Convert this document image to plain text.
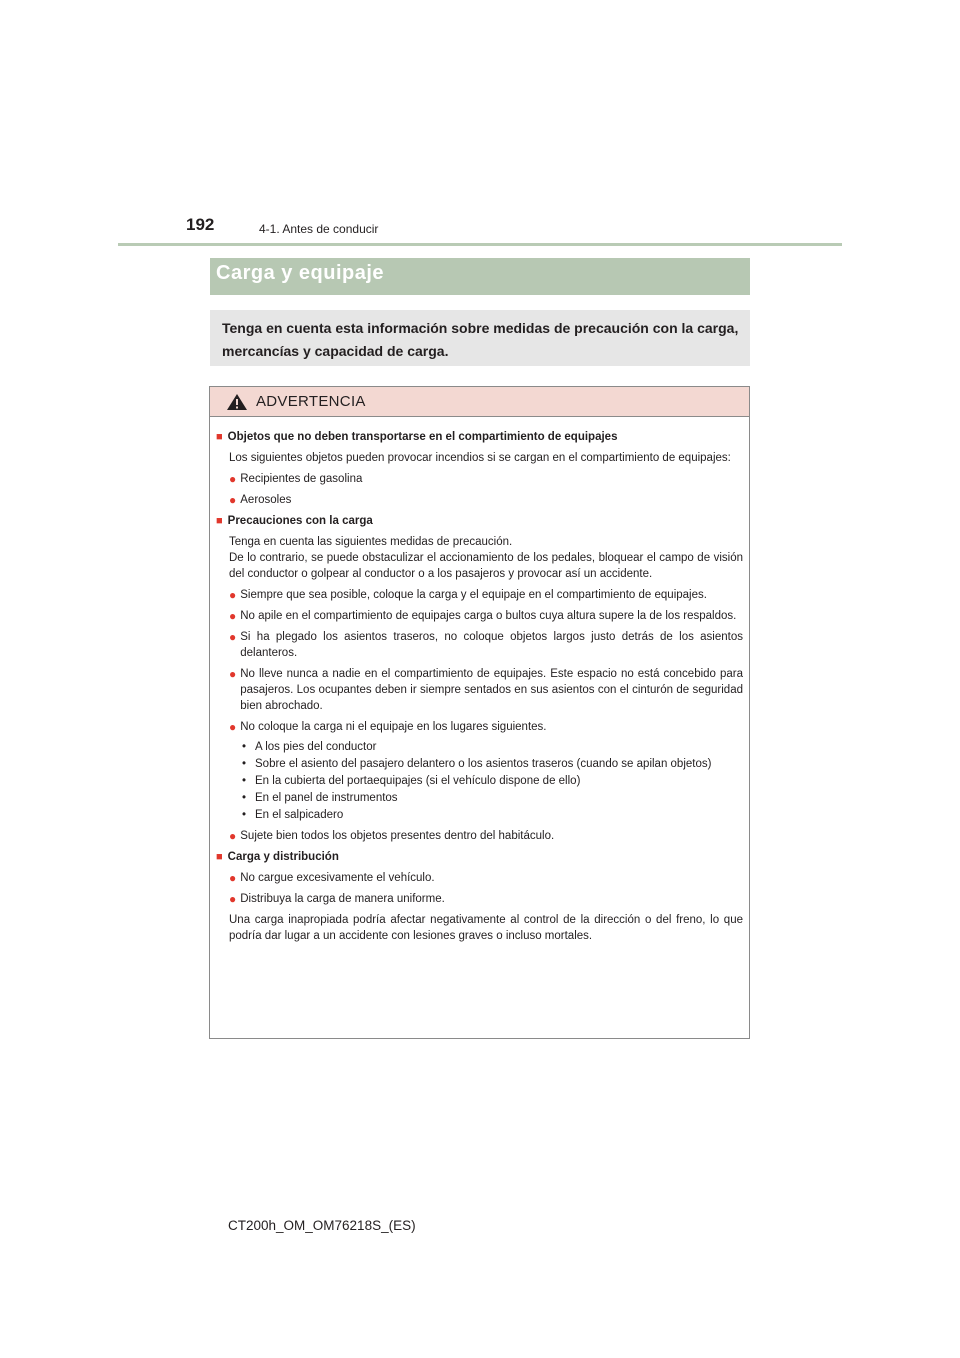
192	4-1. Antes de conducir
Carga y equipaje
Tenga en cuenta esta información sobre medidas de precaución con la carga, mercancías y capacidad de carga.
ADVERTENCIA
■ Objetos que no deben transportarse en el compartimiento de equipajes
Los siguientes objetos pueden provocar incendios si se cargan en el compartimiento de equipajes:
● Recipientes de gasolina
● Aerosoles
■ Precauciones con la carga
Tenga en cuenta las siguientes medidas de precaución.
De lo contrario, se puede obstaculizar el accionamiento de los pedales, bloquear el campo de visión del conductor o golpear al conductor o a los pasajeros y provocar así un accidente.
● Siempre que sea posible, coloque la carga y el equipaje en el compartimiento de equipajes.
● No apile en el compartimiento de equipajes carga o bultos cuya altura supere la de los respaldos.
● Si ha plegado los asientos traseros, no coloque objetos largos justo detrás de los asientos delanteros.
● No lleve nunca a nadie en el compartimiento de equipajes. Este espacio no está concebido para pasajeros. Los ocupantes deben ir siempre sentados en sus asientos con el cinturón de seguridad bien abrochado.
● No coloque la carga ni el equipaje en los lugares siguientes.
• A los pies del conductor
• Sobre el asiento del pasajero delantero o los asientos traseros (cuando se apilan objetos)
• En la cubierta del portaequipajes (si el vehículo dispone de ello)
• En el panel de instrumentos
• En el salpicadero
● Sujete bien todos los objetos presentes dentro del habitáculo.
■ Carga y distribución
● No cargue excesivamente el vehículo.
● Distribuya la carga de manera uniforme.
Una carga inapropiada podría afectar negativamente al control de la dirección o del freno, lo que podría dar lugar a un accidente con lesiones graves o incluso mortales.
CT200h_OM_OM76218S_(ES)
